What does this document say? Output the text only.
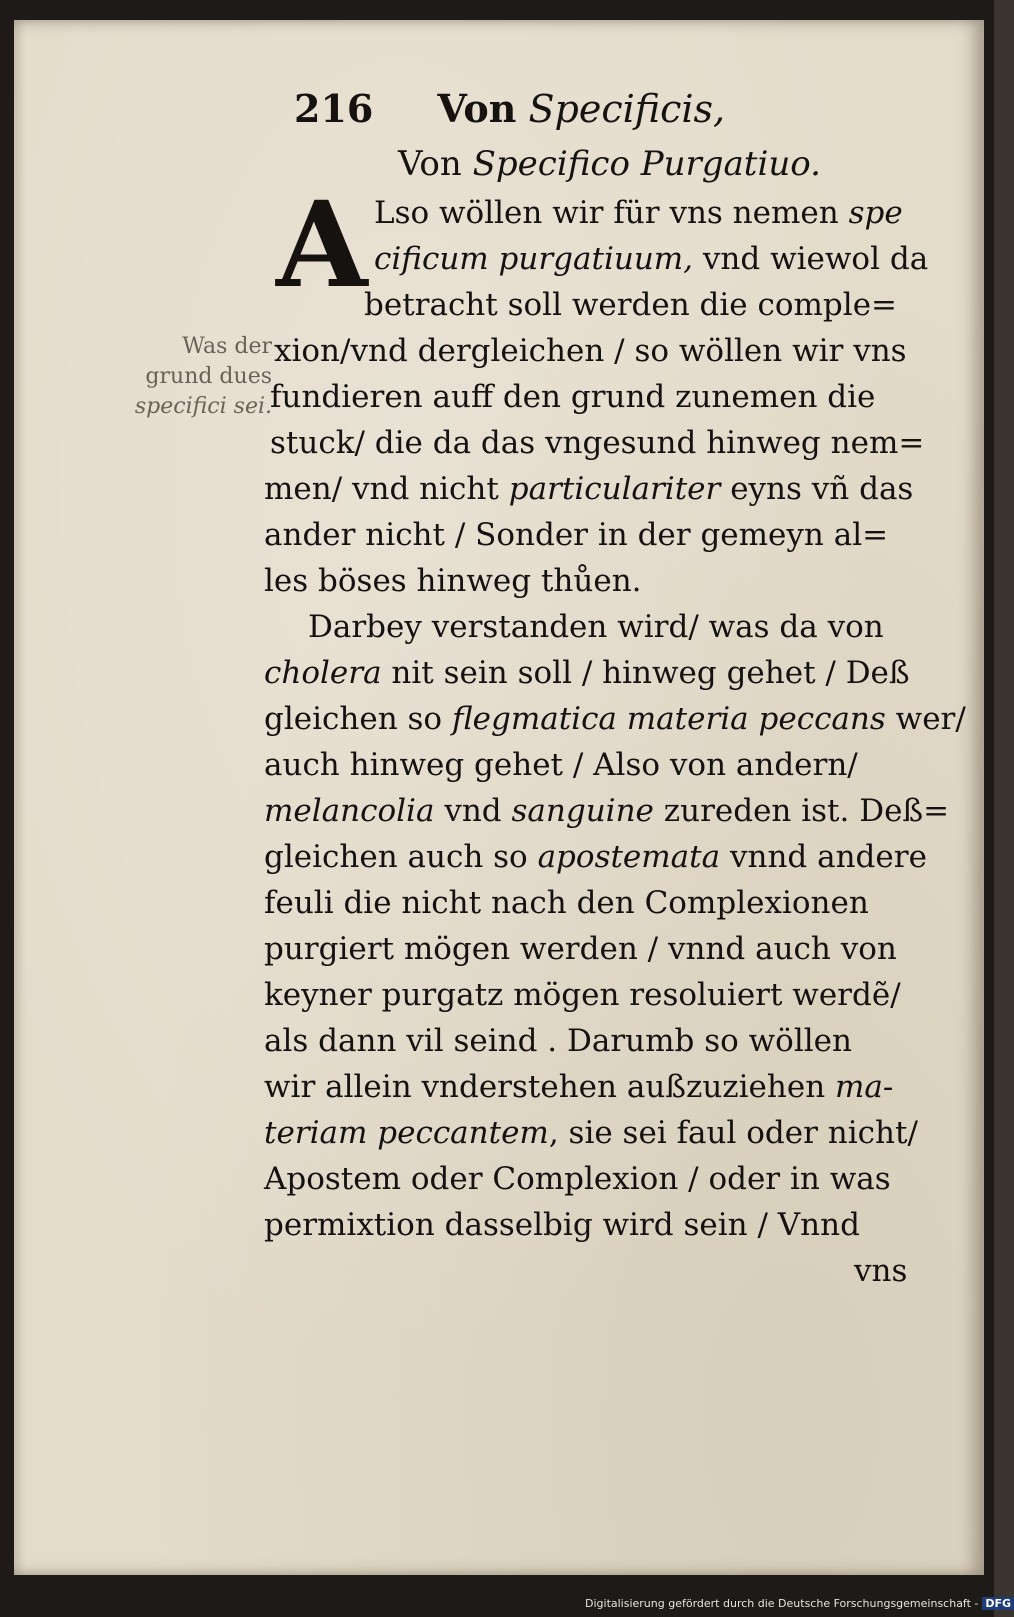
216 Von Specificis,
Von Specifico Purgatiuo.
A
Was der
grund dues
specifici sei.
Lso wöllen wir für vns nemen spe
cificum purgatiuum, vnd wiewol da
betracht soll werden die comple=
xion/vnd dergleichen / so wöllen wir vns
fundieren auff den grund zunemen die
stuck/ die da das vngesund hinweg nem=
men/ vnd nicht particulariter eyns vñ das
ander nicht / Sonder in der gemeyn al=
les böses hinweg thůen.
Darbey verstanden wird/ was da von
cholera nit sein soll / hinweg gehet / Deß
gleichen so flegmatica materia peccans wer/
auch hinweg gehet / Also von andern/
melancolia vnd sanguine zureden ist. Deß=
gleichen auch so apostemata vnnd andere
feuli die nicht nach den Complexionen
purgiert mögen werden / vnnd auch von
keyner purgatz mögen resoluiert werdẽ/
als dann vil seind . Darumb so wöllen
wir allein vnderstehen außzuziehen ma-
teriam peccantem, sie sei faul oder nicht/
Apostem oder Complexion / oder in was
permixtion dasselbig wird sein / Vnnd
vns
Digitalisierung gefördert durch die Deutsche Forschungsgemeinschaft - DFG
